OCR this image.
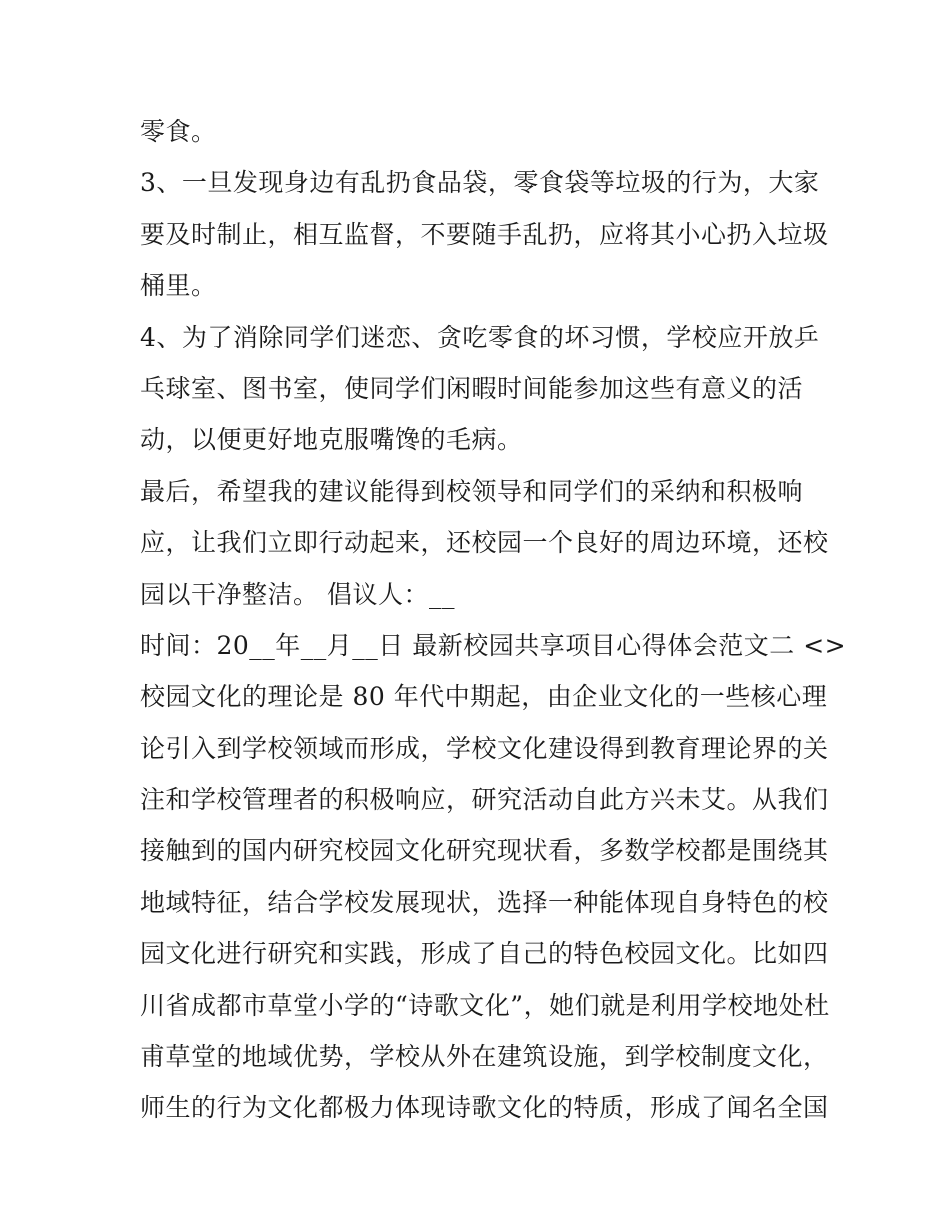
零食。
3、一旦发现身边有乱扔食品袋，零食袋等垃圾的行为，大家
要及时制止，相互监督，不要随手乱扔，应将其小心扔入垃圾
桶里。
4、为了消除同学们迷恋、贪吃零食的坏习惯，学校应开放乒
乓球室、图书室，使同学们闲暇时间能参加这些有意义的活
动，以便更好地克服嘴馋的毛病。
最后，希望我的建议能得到校领导和同学们的采纳和积极响
应，让我们立即行动起来，还校园一个良好的周边环境，还校
园以干净整洁。 倡议人：__
时间：20__年__月__日 最新校园共享项目心得体会范文二 <>
校园文化的理论是 80 年代中期起，由企业文化的一些核心理
论引入到学校领域而形成，学校文化建设得到教育理论界的关
注和学校管理者的积极响应，研究活动自此方兴未艾。从我们
接触到的国内研究校园文化研究现状看，多数学校都是围绕其
地域特征，结合学校发展现状，选择一种能体现自身特色的校
园文化进行研究和实践，形成了自己的特色校园文化。比如四
川省成都市草堂小学的“诗歌文化”，她们就是利用学校地处杜
甫草堂的地域优势，学校从外在建筑设施，到学校制度文化，
师生的行为文化都极力体现诗歌文化的特质，形成了闻名全国
